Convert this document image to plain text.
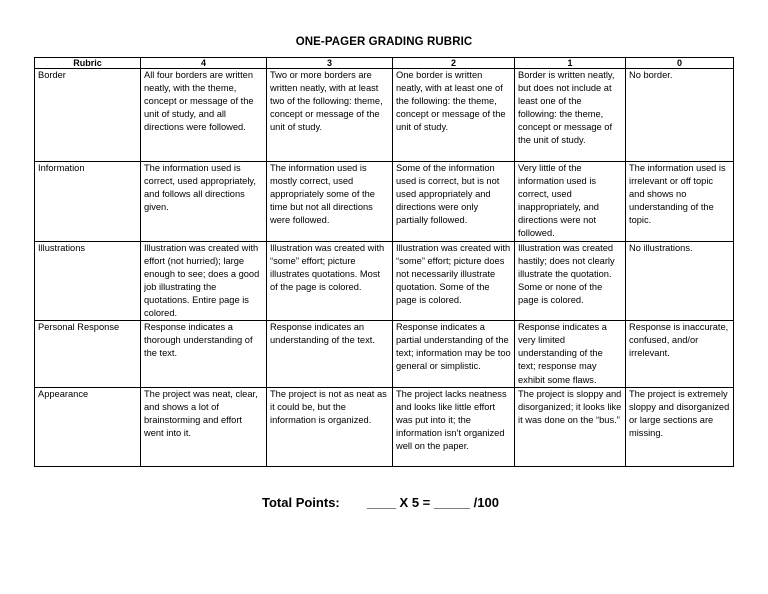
ONE-PAGER GRADING RUBRIC
Rubric	4	3	2	1	0
Border	All four borders are written neatly, with the theme, concept or message of the unit of study, and all directions were followed.	Two or more borders are written neatly, with at least two of the following: theme, concept or message of the unit of study.	One border is written neatly, with at least one of the following: the theme, concept or message of the unit of study.	Border is written neatly, but does not include at least one of the following: the theme, concept or message of the unit of study.	No border.
Information	The information used is correct, used appropriately, and follows all directions given.	The information used is mostly correct, used appropriately some of the time but not all directions were followed.	Some of the information used is correct, but is not used appropriately and directions were only partially followed.	Very little of the information used is correct, used inappropriately, and directions were not followed.	The information used is irrelevant or off topic and shows no understanding of the topic.
Illustrations	Illustration was created with effort (not hurried); large enough to see; does a good job illustrating the quotations. Entire page is colored.	Illustration was created with “some” effort; picture illustrates quotations. Most of the page is colored.	Illustration was created with “some” effort; picture does not necessarily illustrate quotation. Some of the page is colored.	Illustration was created hastily; does not clearly illustrate the quotation. Some or none of the page is colored.	No illustrations.
Personal Response	Response indicates a thorough understanding of the text.	Response indicates an understanding of the text.	Response indicates a partial understanding of the text; information may be too general or simplistic.	Response indicates a very limited understanding of the text; response may exhibit some flaws.	Response is inaccurate, confused, and/or irrelevant.
Appearance	The project was neat, clear, and shows a lot of brainstorming and effort went into it.	The project is not as neat as it could be, but the information is organized.	The project lacks neatness and looks like little effort was put into it; the information isn’t organized well on the paper.	The project is sloppy and disorganized; it looks like it was done on the “bus.”	The project is extremely sloppy and disorganized or large sections are missing.
Total Points: ____ X 5 = _____ /100
